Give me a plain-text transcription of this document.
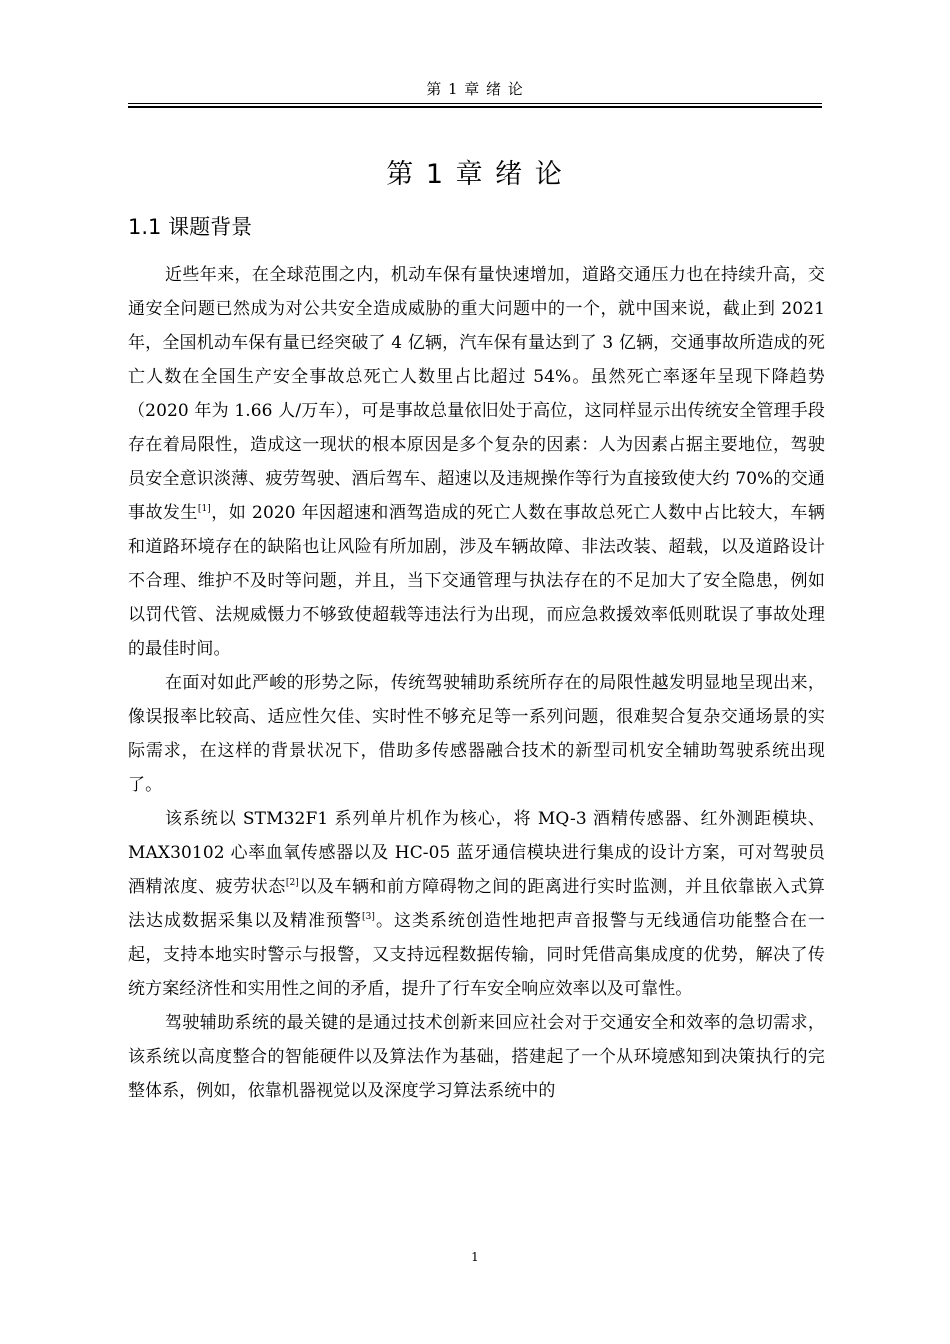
第 1 章 绪 论
第 1 章 绪 论
1.1 课题背景

近些年来，在全球范围之内，机动车保有量快速增加，道路交通压力也在持续升高，交通安全问题已然成为对公共安全造成威胁的重大问题中的一个，就中国来说，截止到 2021 年，全国机动车保有量已经突破了 4 亿辆，汽车保有量达到了 3 亿辆，交通事故所造成的死亡人数在全国生产安全事故总死亡人数里占比超过 54%。虽然死亡率逐年呈现下降趋势（2020 年为 1.66 人/万车），可是事故总量依旧处于高位，这同样显示出传统安全管理手段存在着局限性，造成这一现状的根本原因是多个复杂的因素：人为因素占据主要地位，驾驶员安全意识淡薄、疲劳驾驶、酒后驾车、超速以及违规操作等行为直接致使大约 70%的交通事故发生[1]，如 2020 年因超速和酒驾造成的死亡人数在事故总死亡人数中占比较大，车辆和道路环境存在的缺陷也让风险有所加剧，涉及车辆故障、非法改装、超载，以及道路设计不合理、维护不及时等问题，并且，当下交通管理与执法存在的不足加大了安全隐患，例如以罚代管、法规威慑力不够致使超载等违法行为出现，而应急救援效率低则耽误了事故处理的最佳时间。

在面对如此严峻的形势之际，传统驾驶辅助系统所存在的局限性越发明显地呈现出来，像误报率比较高、适应性欠佳、实时性不够充足等一系列问题，很难契合复杂交通场景的实际需求，在这样的背景状况下，借助多传感器融合技术的新型司机安全辅助驾驶系统出现了。

该系统以 STM32F1 系列单片机作为核心，将 MQ-3 酒精传感器、红外测距模块、MAX30102 心率血氧传感器以及 HC-05 蓝牙通信模块进行集成的设计方案，可对驾驶员酒精浓度、疲劳状态[2]以及车辆和前方障碍物之间的距离进行实时监测，并且依靠嵌入式算法达成数据采集以及精准预警[3]。这类系统创造性地把声音报警与无线通信功能整合在一起，支持本地实时警示与报警，又支持远程数据传输，同时凭借高集成度的优势，解决了传统方案经济性和实用性之间的矛盾，提升了行车安全响应效率以及可靠性。

驾驶辅助系统的最关键的是通过技术创新来回应社会对于交通安全和效率的急切需求，该系统以高度整合的智能硬件以及算法作为基础，搭建起了一个从环境感知到决策执行的完整体系，例如，依靠机器视觉以及深度学习算法系统中的

1
